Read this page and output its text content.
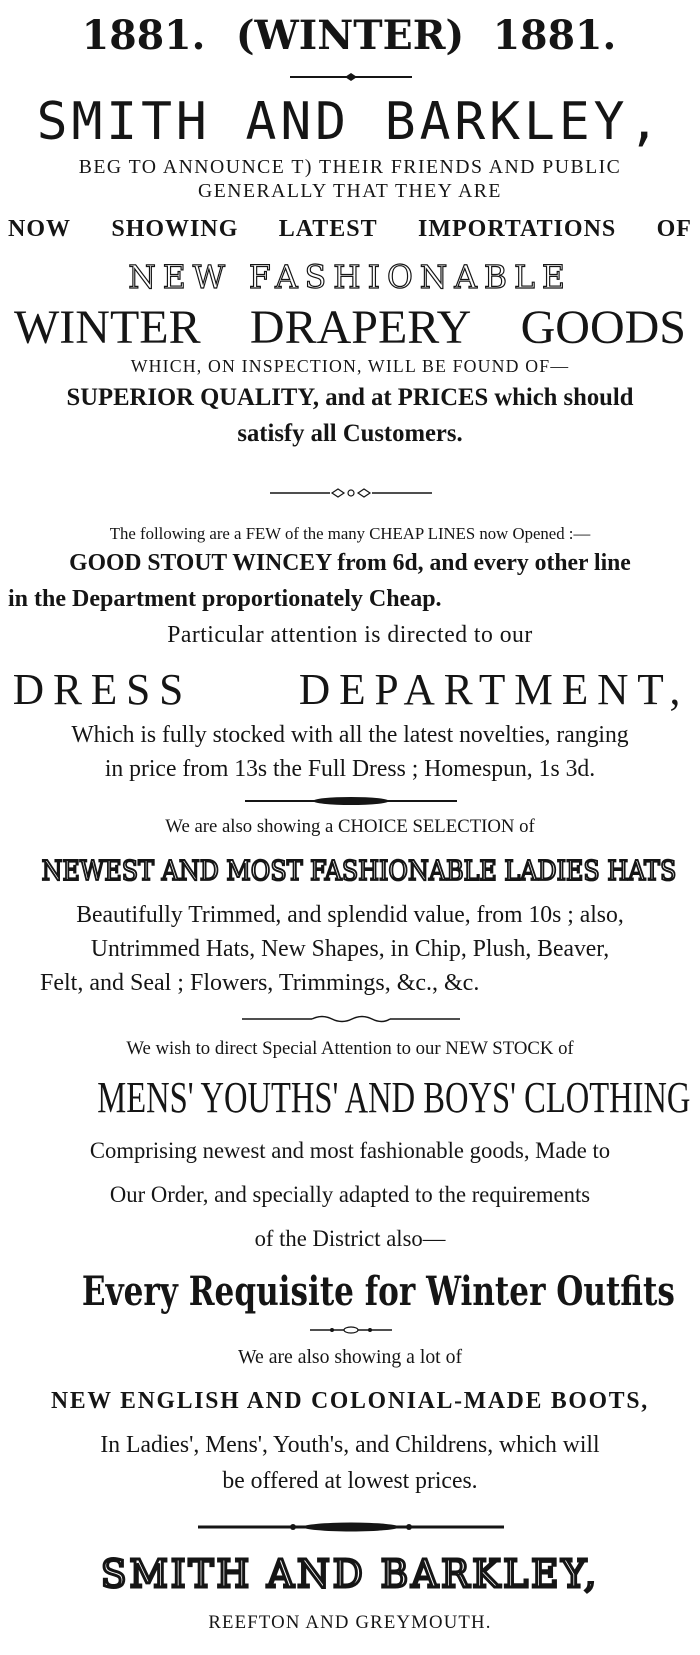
1881. (WINTER) 1881.
SMITH AND BARKLEY,
BEG TO ANNOUNCE T) THEIR FRIENDS AND PUBLIC
GENERALLY THAT THEY ARE
NOW SHOWING LATEST IMPORTATIONS OF
NEW FASHIONABLE
WINTER DRAPERY GOODS
WHICH, ON INSPECTION, WILL BE FOUND OF—
SUPERIOR QUALITY, and at PRICES which should
satisfy all Customers.
The following are a FEW of the many CHEAP LINES now Opened :—
GOOD STOUT WINCEY from 6d, and every other line
in the Department proportionately Cheap.
Particular attention is directed to our
DRESS DEPARTMENT,
Which is fully stocked with all the latest novelties, ranging
in price from 13s the Full Dress ; Homespun, 1s 3d.
We are also showing a CHOICE SELECTION of
NEWEST AND MOST FASHIONABLE LADIES HATS
Beautifully Trimmed, and splendid value, from 10s ; also,
Untrimmed Hats, New Shapes, in Chip, Plush, Beaver,
Felt, and Seal ; Flowers, Trimmings, &c., &c.
We wish to direct Special Attention to our NEW STOCK of
MENS' YOUTHS' AND BOYS' CLOTHING
Comprising newest and most fashionable goods, Made to
Our Order, and specially adapted to the requirements
of the District also—
Every Requisite for Winter Outfits
We are also showing a lot of
NEW ENGLISH AND COLONIAL-MADE BOOTS,
In Ladies', Mens', Youth's, and Childrens, which will
be offered at lowest prices.
SMITH AND BARKLEY,
REEFTON AND GREYMOUTH.
